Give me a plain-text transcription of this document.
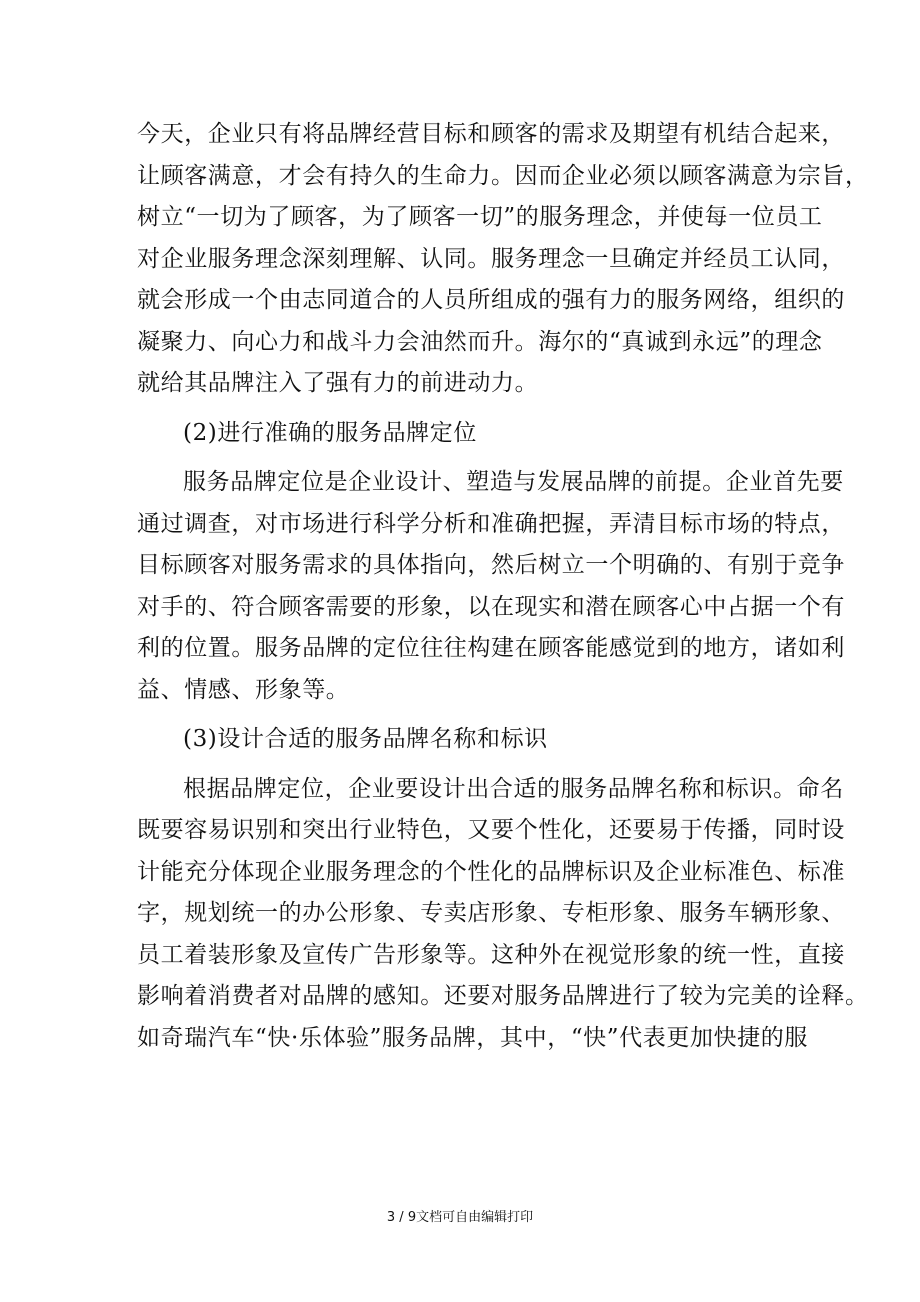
今天，企业只有将品牌经营目标和顾客的需求及期望有机结合起来，
让顾客满意，才会有持久的生命力。因而企业必须以顾客满意为宗旨，
树立“一切为了顾客，为了顾客一切”的服务理念，并使每一位员工
对企业服务理念深刻理解、认同。服务理念一旦确定并经员工认同，
就会形成一个由志同道合的人员所组成的强有力的服务网络，组织的
凝聚力、向心力和战斗力会油然而升。海尔的“真诚到永远”的理念
就给其品牌注入了强有力的前进动力。
(2)进行准确的服务品牌定位
服务品牌定位是企业设计、塑造与发展品牌的前提。企业首先要
通过调查，对市场进行科学分析和准确把握，弄清目标市场的特点，
目标顾客对服务需求的具体指向，然后树立一个明确的、有别于竞争
对手的、符合顾客需要的形象，以在现实和潜在顾客心中占据一个有
利的位置。服务品牌的定位往往构建在顾客能感觉到的地方，诸如利
益、情感、形象等。
(3)设计合适的服务品牌名称和标识
根据品牌定位，企业要设计出合适的服务品牌名称和标识。命名
既要容易识别和突出行业特色，又要个性化，还要易于传播，同时设
计能充分体现企业服务理念的个性化的品牌标识及企业标准色、标准
字，规划统一的办公形象、专卖店形象、专柜形象、服务车辆形象、
员工着装形象及宣传广告形象等。这种外在视觉形象的统一性，直接
影响着消费者对品牌的感知。还要对服务品牌进行了较为完美的诠释。
如奇瑞汽车“快·乐体验”服务品牌，其中，“快”代表更加快捷的服
3 / 9文档可自由编辑打印
